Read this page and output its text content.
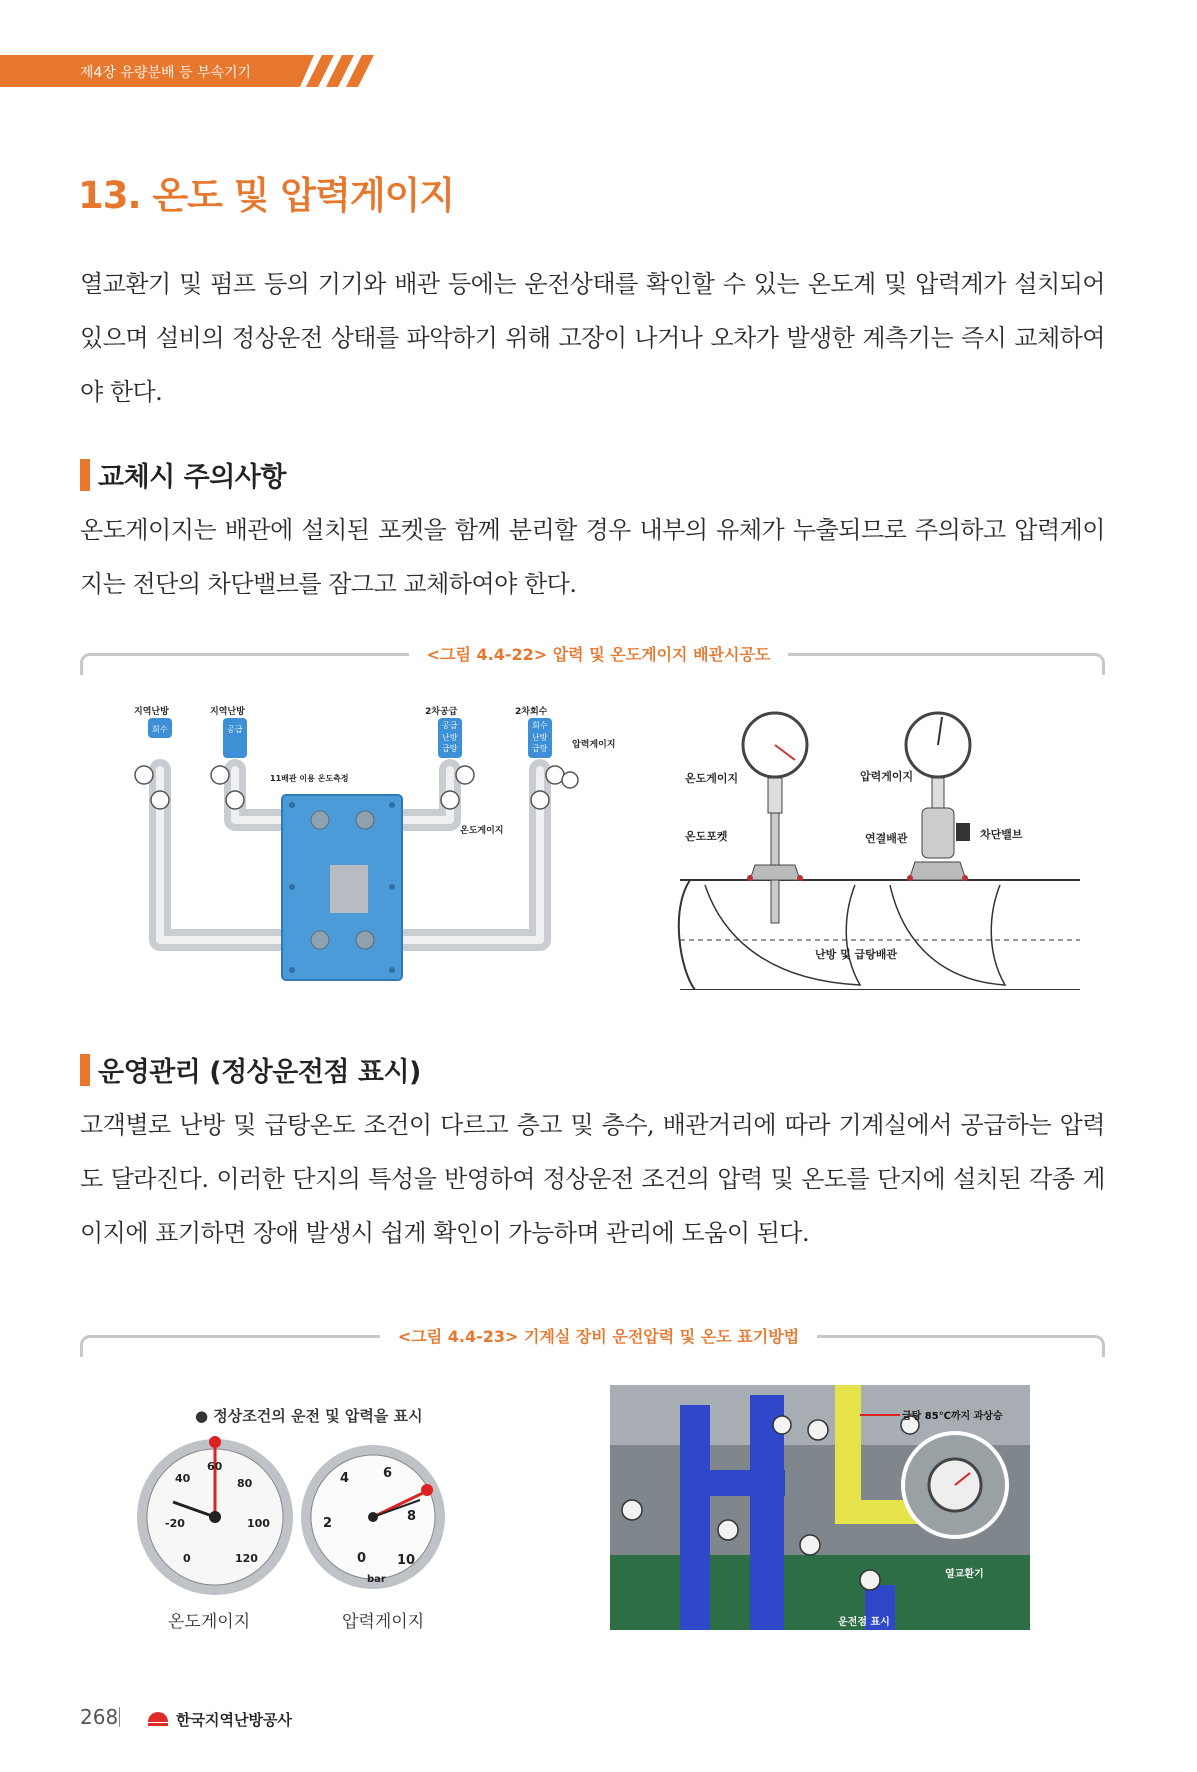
제4장 유량분배 등 부속기기
13. 온도 및 압력게이지

열교환기 및 펌프 등의 기기와 배관 등에는 운전상태를 확인할 수 있는 온도계 및 압력계가 설치되어 있으며 설비의 정상운전 상태를 파악하기 위해 고장이 나거나 오차가 발생한 계측기는 즉시 교체하여야 한다.

교체시 주의사항

온도게이지는 배관에 설치된 포켓을 함께 분리할 경우 내부의 유체가 누출되므로 주의하고 압력게이지는 전단의 차단밸브를 잠그고 교체하여야 한다.

<그림 4.4-22> 압력 및 온도게이지 배관시공도
지역난방	지역난방	2차공급	2차회수
압력게이지
온도게이지
11배관 이용 온도측정
회수	공급	공급
난방
급탕
회수
난방
급탕
온도게이지	압력게이지
온도포켓	연결배관	차단밸브
난방 및 급탕배관
운영관리 (정상운전점 표시)

고객별로 난방 및 급탕온도 조건이 다르고 층고 및 층수, 배관거리에 따라 기계실에서 공급하는 압력도 달라진다. 이러한 단지의 특성을 반영하여 정상운전 조건의 압력 및 온도를 단지에 설치된 각종 게이지에 표기하면 장애 발생시 쉽게 확인이 가능하며 관리에 도움이 된다.

<그림 4.4-23> 기계실 장비 운전압력 및 온도 표기방법
● 정상조건의 운전 및 압력을 표시
-20
0
40
60
80
100
120	0
2
4	6
8
10
bar
온도게이지	압력게이지
급탕 85℃까지 과상승
열교환기
운전점 표시
268	한국지역난방공사
